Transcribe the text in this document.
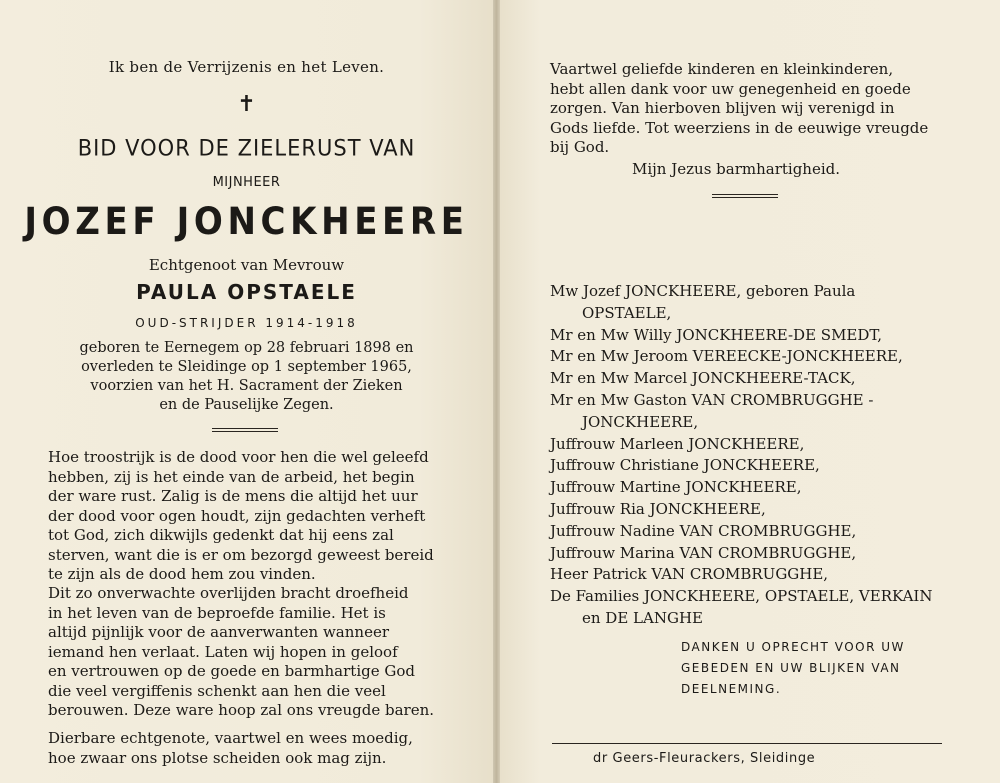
Ik ben de Verrijzenis en het Leven.
✝
BID VOOR DE ZIELERUST VAN
MIJNHEER
JOZEF JONCKHEERE
Echtgenoot van Mevrouw
PAULA OPSTAELE
OUD-STRIJDER 1914-1918
geboren te Eernegem op 28 februari 1898 en
overleden te Sleidinge op 1 september 1965,
voorzien van het H. Sacrament der Zieken
en de Pauselijke Zegen.
Hoe troostrijk is de dood voor hen die wel geleefd
hebben, zij is het einde van de arbeid, het begin
der ware rust. Zalig is de mens die altijd het uur
der dood voor ogen houdt, zijn gedachten verheft
tot God, zich dikwijls gedenkt dat hij eens zal
sterven, want die is er om bezorgd geweest bereid
te zijn als de dood hem zou vinden.
Dit zo onverwachte overlijden bracht droefheid
in het leven van de beproefde familie. Het is
altijd pijnlijk voor de aanverwanten wanneer
iemand hen verlaat. Laten wij hopen in geloof
en vertrouwen op de goede en barmhartige God
die veel vergiffenis schenkt aan hen die veel
berouwen. Deze ware hoop zal ons vreugde baren.
Dierbare echtgenote, vaartwel en wees moedig,
hoe zwaar ons plotse scheiden ook mag zijn.
Vaartwel geliefde kinderen en kleinkinderen,
hebt allen dank voor uw genegenheid en goede
zorgen. Van hierboven blijven wij verenigd in
Gods liefde. Tot weerziens in de eeuwige vreugde
bij God.
Mijn Jezus barmhartigheid.
Mw Jozef JONCKHEERE, geboren Paula
OPSTAELE,
Mr en Mw Willy JONCKHEERE-DE SMEDT,
Mr en Mw Jeroom VEREECKE-JONCKHEERE,
Mr en Mw Marcel JONCKHEERE-TACK,
Mr en Mw Gaston VAN CROMBRUGGHE -
JONCKHEERE,
Juffrouw Marleen JONCKHEERE,
Juffrouw Christiane JONCKHEERE,
Juffrouw Martine JONCKHEERE,
Juffrouw Ria JONCKHEERE,
Juffrouw Nadine VAN CROMBRUGGHE,
Juffrouw Marina VAN CROMBRUGGHE,
Heer Patrick VAN CROMBRUGGHE,
De Families JONCKHEERE, OPSTAELE, VERKAIN
en DE LANGHE
DANKEN U OPRECHT VOOR UW
GEBEDEN EN UW BLIJKEN VAN
DEELNEMING.
dr Geers-Fleurackers, Sleidinge
